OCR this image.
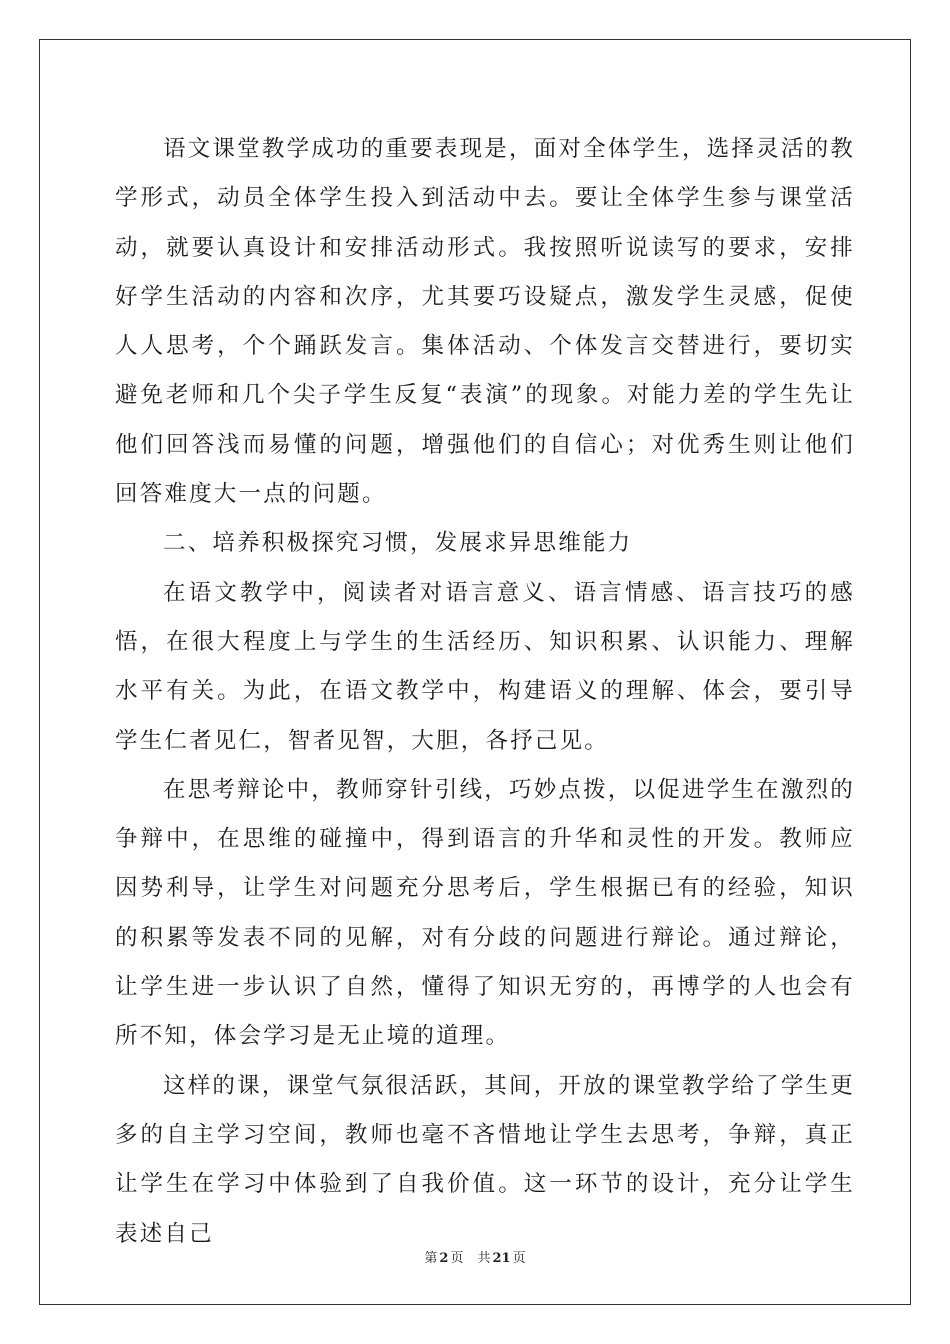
语文课堂教学成功的重要表现是，面对全体学生，选择灵活的教学形式，动员全体学生投入到活动中去。要让全体学生参与课堂活动，就要认真设计和安排活动形式。我按照听说读写的要求，安排好学生活动的内容和次序，尤其要巧设疑点，激发学生灵感，促使人人思考，个个踊跃发言。集体活动、个体发言交替进行，要切实避免老师和几个尖子学生反复“表演”的现象。对能力差的学生先让他们回答浅而易懂的问题，增强他们的自信心；对优秀生则让他们回答难度大一点的问题。

二、培养积极探究习惯，发展求异思维能力

在语文教学中，阅读者对语言意义、语言情感、语言技巧的感悟，在很大程度上与学生的生活经历、知识积累、认识能力、理解水平有关。为此，在语文教学中，构建语义的理解、体会，要引导学生仁者见仁，智者见智，大胆，各抒己见。

在思考辩论中，教师穿针引线，巧妙点拨，以促进学生在激烈的争辩中，在思维的碰撞中，得到语言的升华和灵性的开发。教师应因势利导，让学生对问题充分思考后，学生根据已有的经验，知识的积累等发表不同的见解，对有分歧的问题进行辩论。通过辩论，让学生进一步认识了自然，懂得了知识无穷的，再博学的人也会有所不知，体会学习是无止境的道理。

这样的课，课堂气氛很活跃，其间，开放的课堂教学给了学生更多的自主学习空间，教师也毫不吝惜地让学生去思考，争辩，真正让学生在学习中体验到了自我价值。这一环节的设计，充分让学生表述自己

第 2 页 共 21 页
